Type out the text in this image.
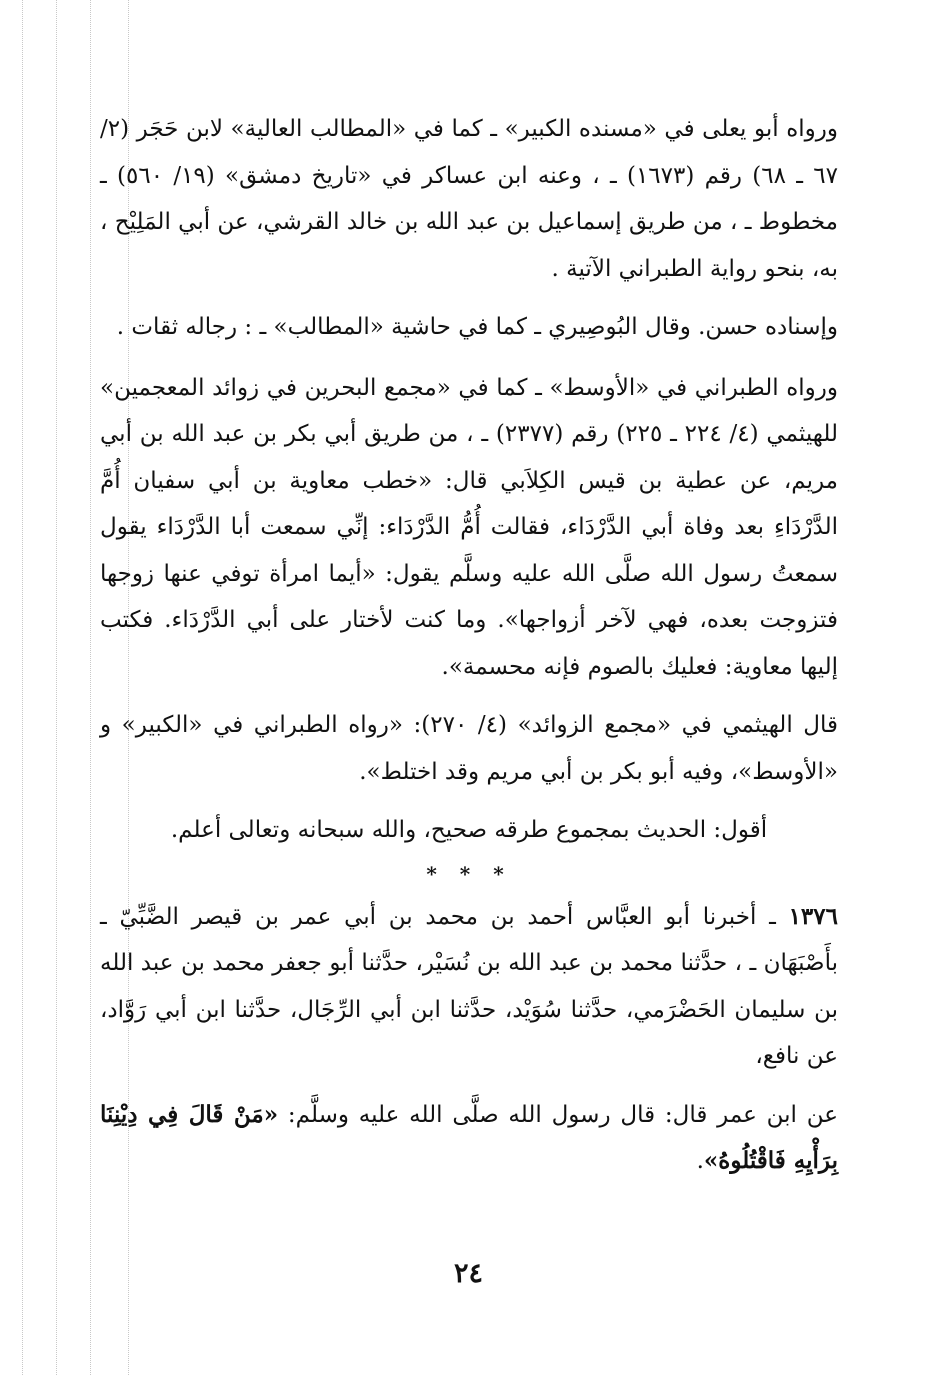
ورواه أبو يعلى في «مسنده الكبير» ـ كما في «المطالب العالية» لابن حَجَر (٢/ ٦٧ ـ ٦٨) رقم (١٦٧٣) ـ ، وعنه ابن عساكر في «تاريخ دمشق» (١٩/ ٥٦٠) ـ مخطوط ـ ، من طريق إسماعيل بن عبد الله بن خالد القرشي، عن أبي المَلِيْح ، به، بنحو رواية الطبراني الآتية .

وإسناده حسن. وقال البُوصِيري ـ كما في حاشية «المطالب» ـ : رجاله ثقات .

ورواه الطبراني في «الأوسط» ـ كما في «مجمع البحرين في زوائد المعجمين» للهيثمي (٤/ ٢٢٤ ـ ٢٢٥) رقم (٢٣٧٧) ـ ، من طريق أبي بكر بن عبد الله بن أبي مريم، عن عطية بن قيس الكِلاَبي قال: «خطب معاوية بن أبي سفيان أُمَّ الدَّرْدَاءِ بعد وفاة أبي الدَّرْدَاء، فقالت أُمُّ الدَّرْدَاء: إنِّي سمعت أبا الدَّرْدَاء يقول سمعتُ رسول الله صلَّى الله عليه وسلَّم يقول: «أيما امرأة توفي عنها زوجها فتزوجت بعده، فهي لآخر أزواجها». وما كنت لأختار على أبي الدَّرْدَاء. فكتب إليها معاوية: فعليك بالصوم فإنه محسمة».

قال الهيثمي في «مجمع الزوائد» (٤/ ٢٧٠): «رواه الطبراني في «الكبير» و «الأوسط»، وفيه أبو بكر بن أبي مريم وقد اختلط».

أقول: الحديث بمجموع طرقه صحيح، والله سبحانه وتعالى أعلم.

* * *

١٣٧٦ ـ أخبرنا أبو العبَّاس أحمد بن محمد بن أبي عمر بن قيصر الضَّبِّيّ ـ بأَصْبَهَان ـ ، حدَّثنا محمد بن عبد الله بن نُسَيْر، حدَّثنا أبو جعفر محمد بن عبد الله بن سليمان الحَضْرَمي، حدَّثنا سُوَيْد، حدَّثنا ابن أبي الرِّجَال، حدَّثنا ابن أبي رَوَّاد، عن نافع،

عن ابن عمر قال: قال رسول الله صلَّى الله عليه وسلَّم: «مَنْ قَالَ فِي دِيْنِنَا بِرَأْيِهِ فَاقْتُلُوهُ».

٢٤
